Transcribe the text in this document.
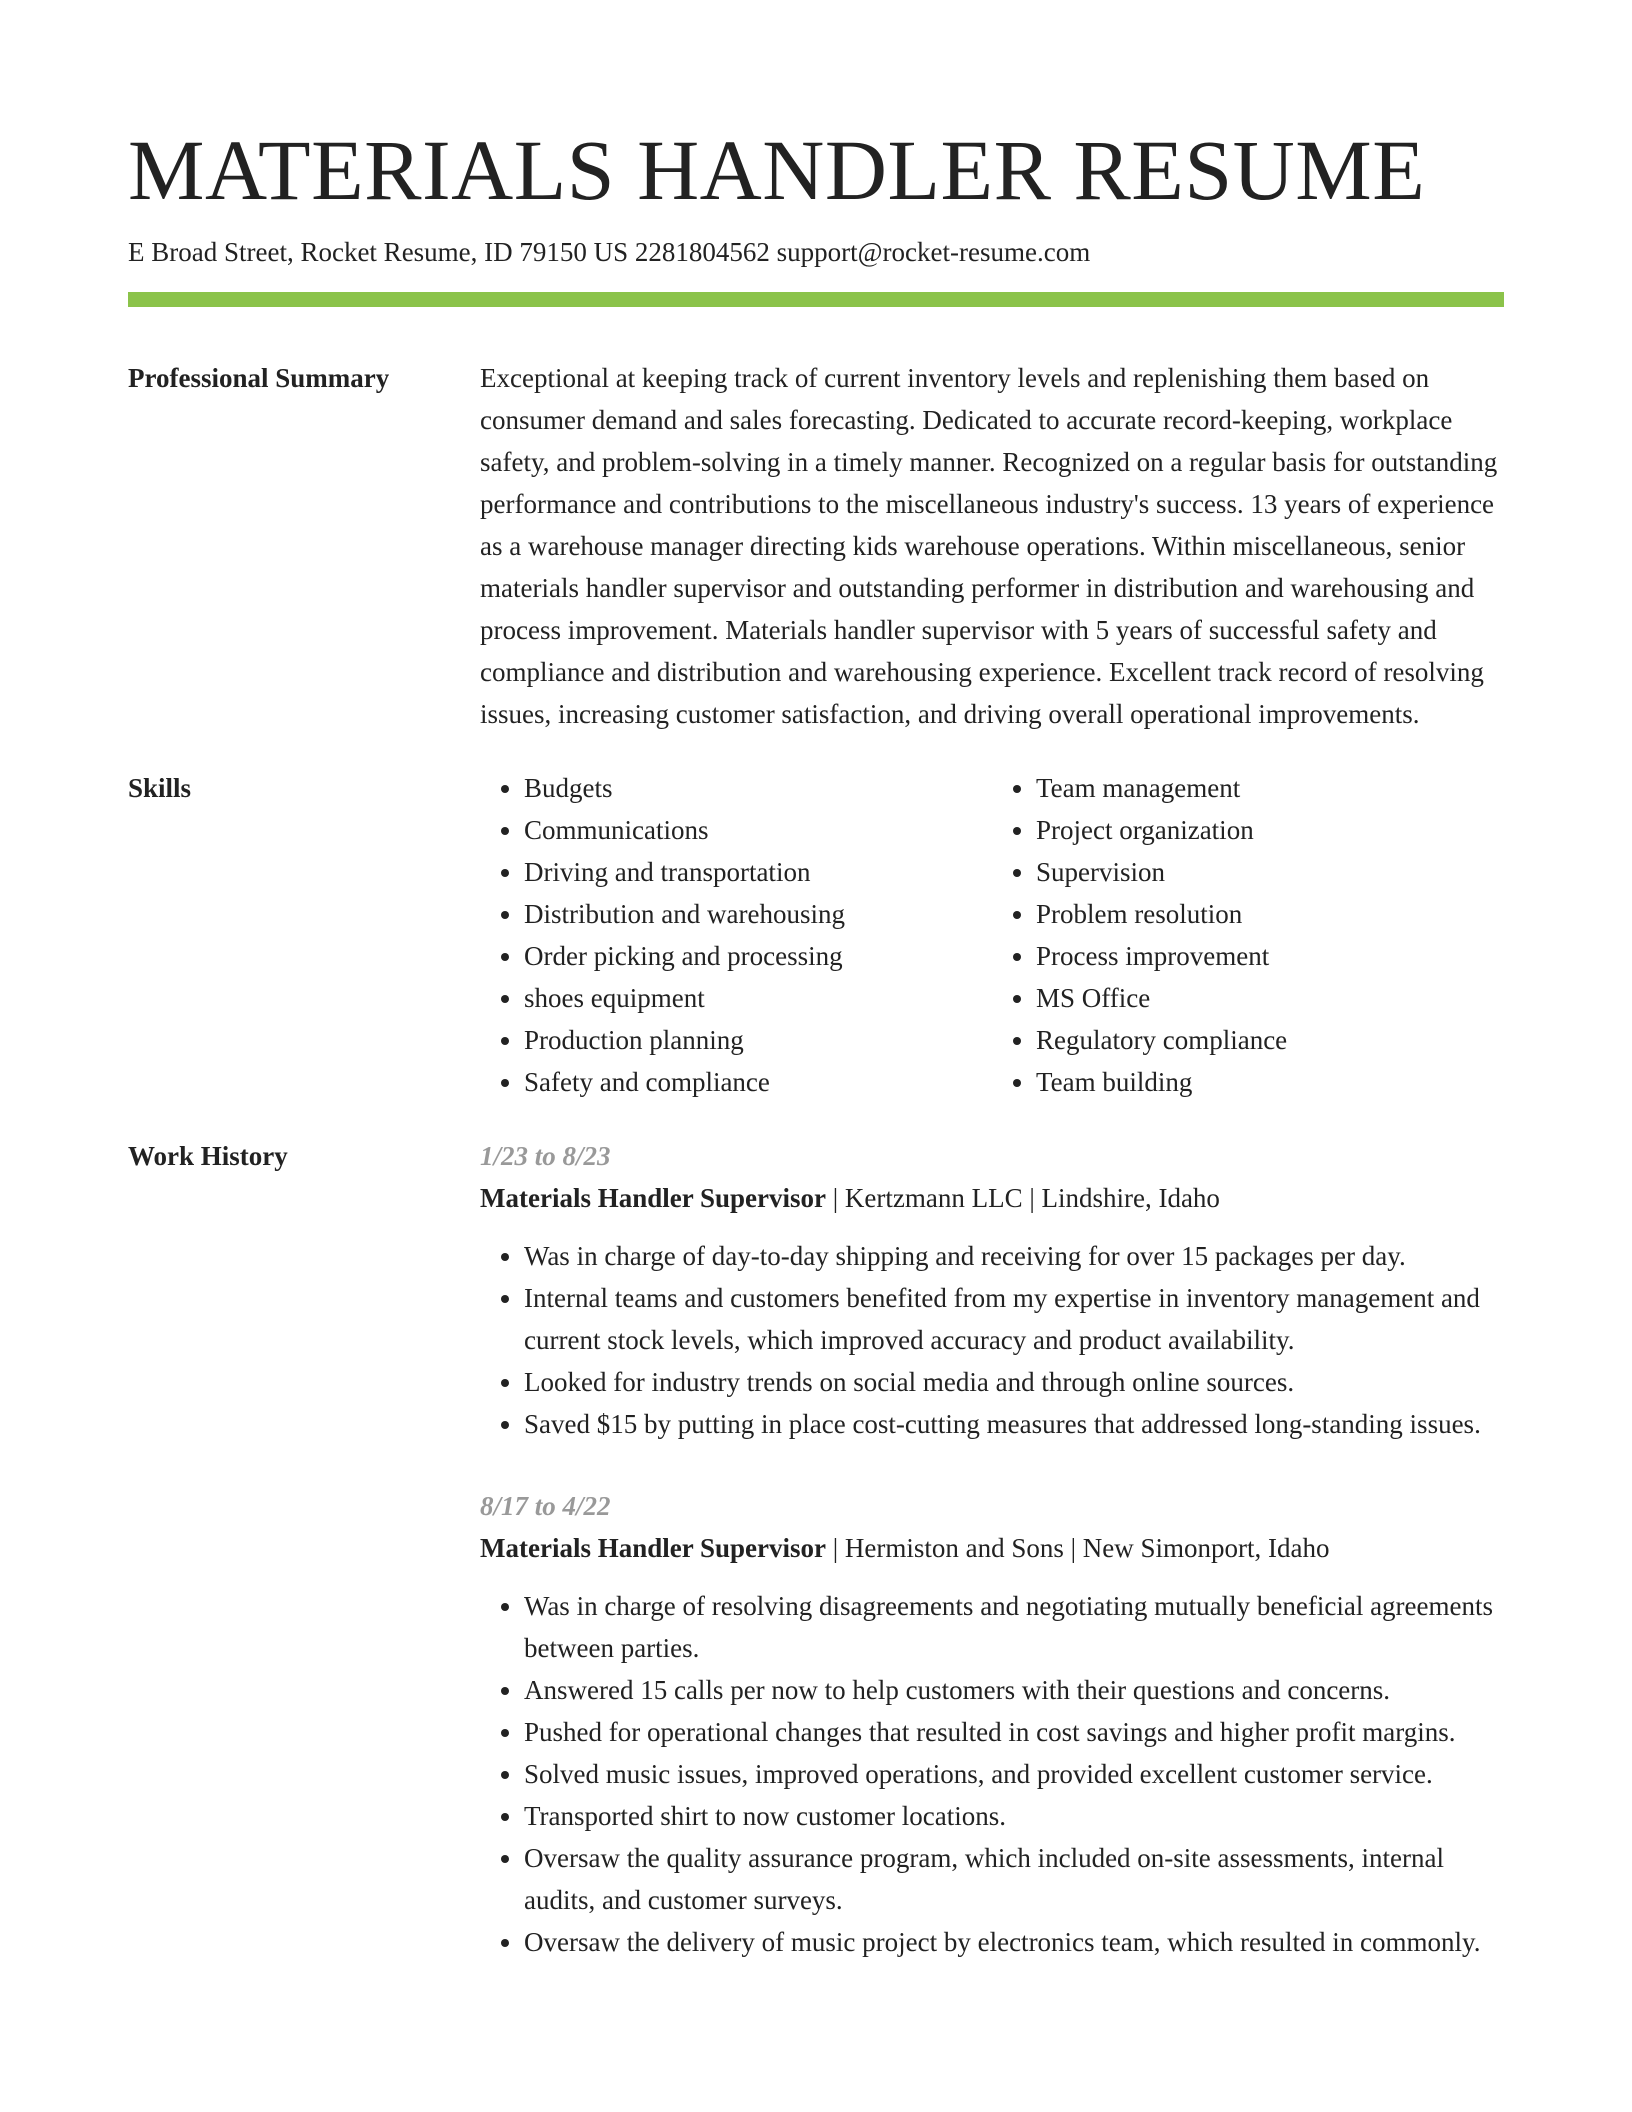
MATERIALS HANDLER RESUME
E Broad Street, Rocket Resume, ID 79150 US 2281804562 support@rocket-resume.com
Professional Summary	Exceptional at keeping track of current inventory levels and replenishing them based on consumer demand and sales forecasting. Dedicated to accurate record-keeping, workplace safety, and problem-solving in a timely manner. Recognized on a regular basis for outstanding performance and contributions to the miscellaneous industry's success. 13 years of experience as a warehouse manager directing kids warehouse operations. Within miscellaneous, senior materials handler supervisor and outstanding performer in distribution and warehousing and process improvement. Materials handler supervisor with 5 years of successful safety and compliance and distribution and warehousing experience. Excellent track record of resolving issues, increasing customer satisfaction, and driving overall operational improvements.

Skills
•	Budgets
• Communications
• Driving and transportation
• Distribution and warehousing
• Order picking and processing
• shoes equipment
• Production planning
• Safety and compliance
• Team management
• Project organization
• Supervision
• Problem resolution
• Process improvement
• MS Office
• Regulatory compliance
• Team building
Work History	1/23 to 8/23
Materials Handler Supervisor | Kertzmann LLC | Lindshire, Idaho
• Was in charge of day-to-day shipping and receiving for over 15 packages per day.
• Internal teams and customers benefited from my expertise in inventory management and current stock levels, which improved accuracy and product availability.
• Looked for industry trends on social media and through online sources.
• Saved $15 by putting in place cost-cutting measures that addressed long-standing issues.
8/17 to 4/22
Materials Handler Supervisor | Hermiston and Sons | New Simonport, Idaho
• Was in charge of resolving disagreements and negotiating mutually beneficial agreements between parties.
• Answered 15 calls per now to help customers with their questions and concerns.
• Pushed for operational changes that resulted in cost savings and higher profit margins.
• Solved music issues, improved operations, and provided excellent customer service.
• Transported shirt to now customer locations.
• Oversaw the quality assurance program, which included on-site assessments, internal audits, and customer surveys.
• Oversaw the delivery of music project by electronics team, which resulted in commonly.
